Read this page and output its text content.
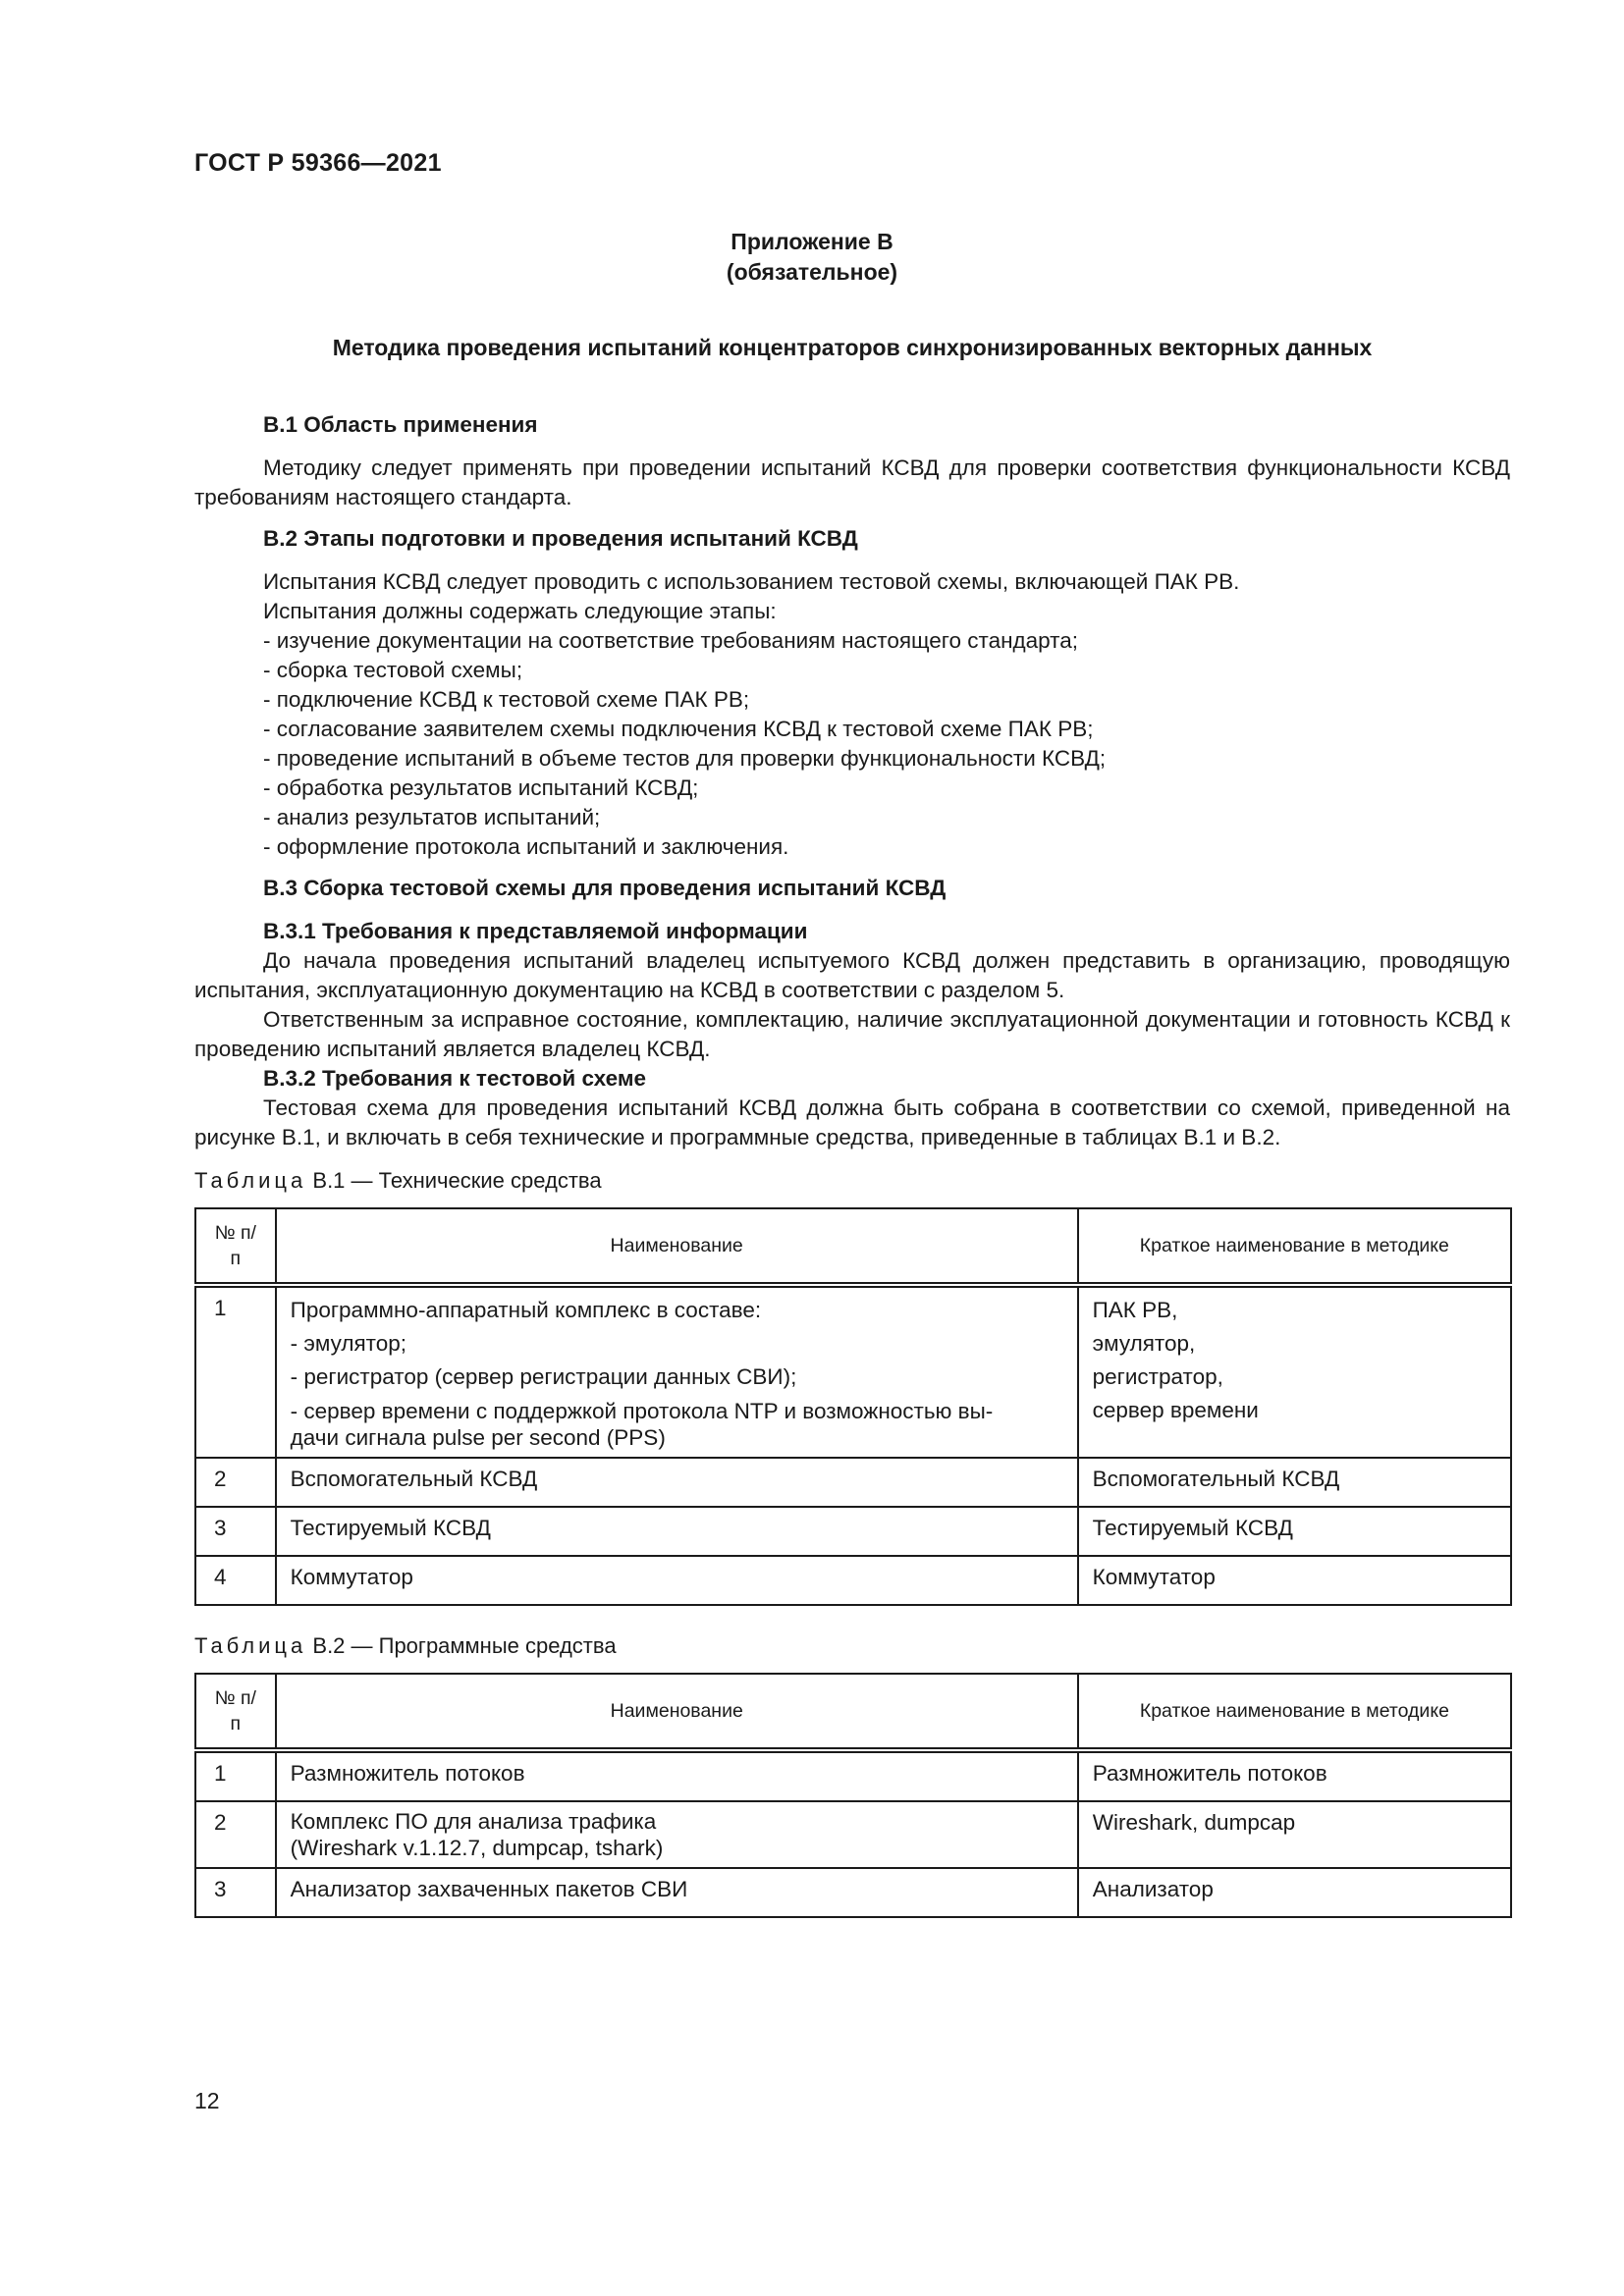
ГОСТ Р 59366—2021
Приложение В
(обязательное)
Методика проведения испытаний концентраторов синхронизированных векторных данных

В.1 Область применения

Методику следует применять при проведении испытаний КСВД для проверки соответствия функциональности КСВД требованиям настоящего стандарта.

В.2 Этапы подготовки и проведения испытаний КСВД

Испытания КСВД следует проводить с использованием тестовой схемы, включающей ПАК РВ.

Испытания должны содержать следующие этапы:

- изучение документации на соответствие требованиям настоящего стандарта;

- сборка тестовой схемы;

- подключение КСВД к тестовой схеме ПАК РВ;

- согласование заявителем схемы подключения КСВД к тестовой схеме ПАК РВ;

- проведение испытаний в объеме тестов для проверки функциональности КСВД;

- обработка результатов испытаний КСВД;

- анализ результатов испытаний;

- оформление протокола испытаний и заключения.

В.3 Сборка тестовой схемы для проведения испытаний КСВД

В.3.1 Требования к представляемой информации

До начала проведения испытаний владелец испытуемого КСВД должен представить в организацию, проводящую испытания, эксплуатационную документацию на КСВД в соответствии с разделом 5.

Ответственным за исправное состояние, комплектацию, наличие эксплуатационной документации и готовность КСВД к проведению испытаний является владелец КСВД.

В.3.2 Требования к тестовой схеме

Тестовая схема для проведения испытаний КСВД должна быть собрана в соответствии со схемой, приведенной на рисунке В.1, и включать в себя технические и программные средства, приведенные в таблицах В.1 и В.2.

Таблица В.1 — Технические средства

№ п/п	Наименование	Краткое наименование в методике
1	Программно-аппаратный комплекс в составе:
- эмулятор;
- регистратор (сервер регистрации данных СВИ);
- сервер времени с поддержкой протокола NTP и возможностью вы-
дачи сигнала pulse per second (PPS)	ПАК РВ,
эмулятор,
регистратор,
сервер времени

2	Вспомогательный КСВД	Вспомогательный КСВД
3	Тестируемый КСВД	Тестируемый КСВД
4	Коммутатор	Коммутатор

Таблица В.2 — Программные средства

№ п/п	Наименование	Краткое наименование в методике
1	Размножитель потоков	Размножитель потоков
2	Комплекс ПО для анализа трафика
(Wireshark v.1.12.7, dumpcap, tshark)	Wireshark, dumpcap
3	Анализатор захваченных пакетов СВИ	Анализатор
12
